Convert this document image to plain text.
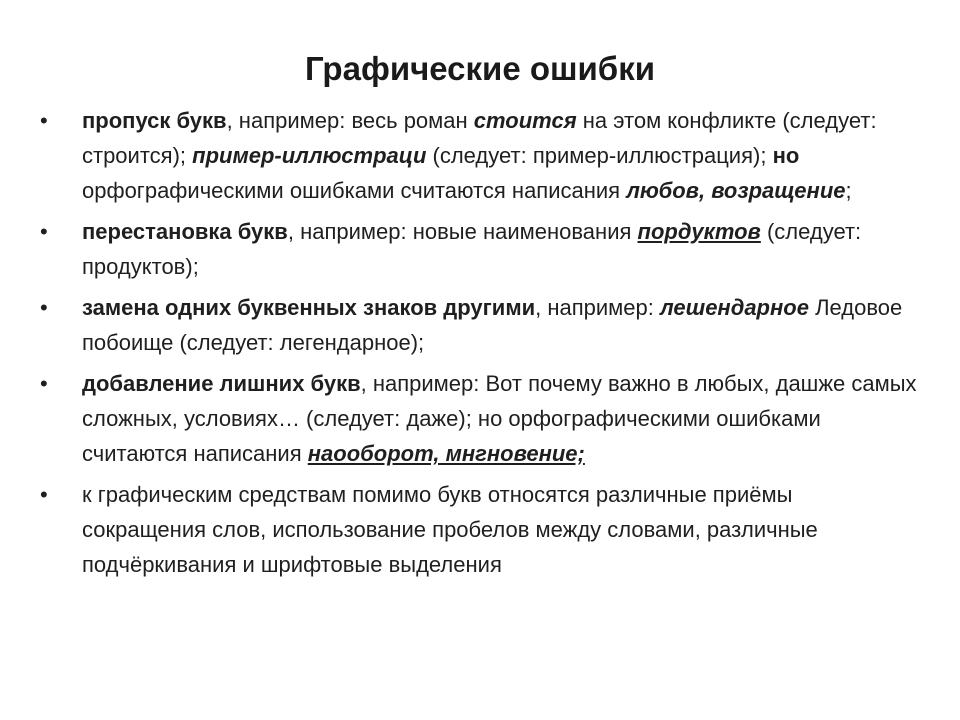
Графические ошибки
• пропуск букв, например: весь роман стоится на этом конфликте (следует: строится); пример-иллюстраци (следует: пример-иллюстрация); но орфографическими ошибками считаются написания любов, возращение;
• перестановка букв, например: новые наименования пордуктов (следует: продуктов);
• замена одних буквенных знаков другими, например: лешендарное Ледовое побоище (следует: легендарное);
• добавление лишних букв, например: Вот почему важно в любых, дашже самых сложных, условиях… (следует: даже); но орфографическими ошибками считаются написания наооборот, мнгновение;
• к графическим средствам помимо букв относятся различные приёмы сокращения слов, использование пробелов между словами, различные подчёркивания и шрифтовые выделения
